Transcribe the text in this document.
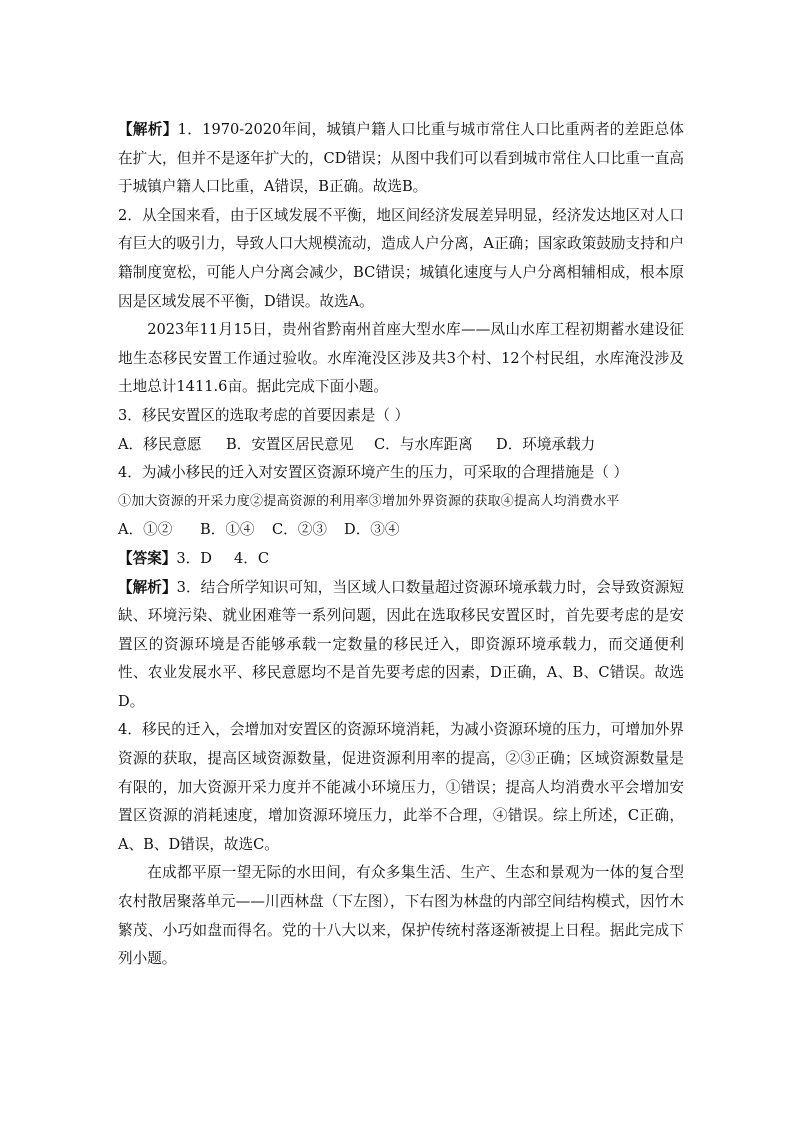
【解析】1．1970-2020年间，城镇户籍人口比重与城市常住人口比重两者的差距总体在扩大，但并不是逐年扩大的，CD错误；从图中我们可以看到城市常住人口比重一直高于城镇户籍人口比重，A错误，B正确。故选B。

2．从全国来看，由于区域发展不平衡，地区间经济发展差异明显，经济发达地区对人口有巨大的吸引力，导致人口大规模流动，造成人户分离，A正确；国家政策鼓励支持和户籍制度宽松，可能人户分离会减少，BC错误；城镇化速度与人户分离相辅相成，根本原因是区域发展不平衡，D错误。故选A。

2023年11月15日，贵州省黔南州首座大型水库——凤山水库工程初期蓄水建设征地生态移民安置工作通过验收。水库淹没区涉及共3个村、12个村民组，水库淹没涉及土地总计1411.6亩。据此完成下面小题。

3．移民安置区的选取考虑的首要因素是（ ）

A．移民意愿 B．安置区居民意见 C．与水库距离 D．环境承载力

4．为减小移民的迁入对安置区资源环境产生的压力，可采取的合理措施是（ ）

①加大资源的开采力度②提高资源的利用率③增加外界资源的获取④提高人均消费水平

A．①② B．①④ C．②③ D．③④

【答案】3．D 4．C

【解析】3．结合所学知识可知，当区域人口数量超过资源环境承载力时，会导致资源短缺、环境污染、就业困难等一系列问题，因此在选取移民安置区时，首先要考虑的是安置区的资源环境是否能够承载一定数量的移民迁入，即资源环境承载力，而交通便利性、农业发展水平、移民意愿均不是首先要考虑的因素，D正确，A、B、C错误。故选D。

4．移民的迁入，会增加对安置区的资源环境消耗，为减小资源环境的压力，可增加外界资源的获取，提高区域资源数量，促进资源利用率的提高，②③正确；区域资源数量是有限的，加大资源开采力度并不能减小环境压力，①错误；提高人均消费水平会增加安置区资源的消耗速度，增加资源环境压力，此举不合理，④错误。综上所述，C正确，A、B、D错误，故选C。

在成都平原一望无际的水田间，有众多集生活、生产、生态和景观为一体的复合型农村散居聚落单元——川西林盘（下左图），下右图为林盘的内部空间结构模式，因竹木繁茂、小巧如盘而得名。党的十八大以来，保护传统村落逐渐被提上日程。据此完成下列小题。
